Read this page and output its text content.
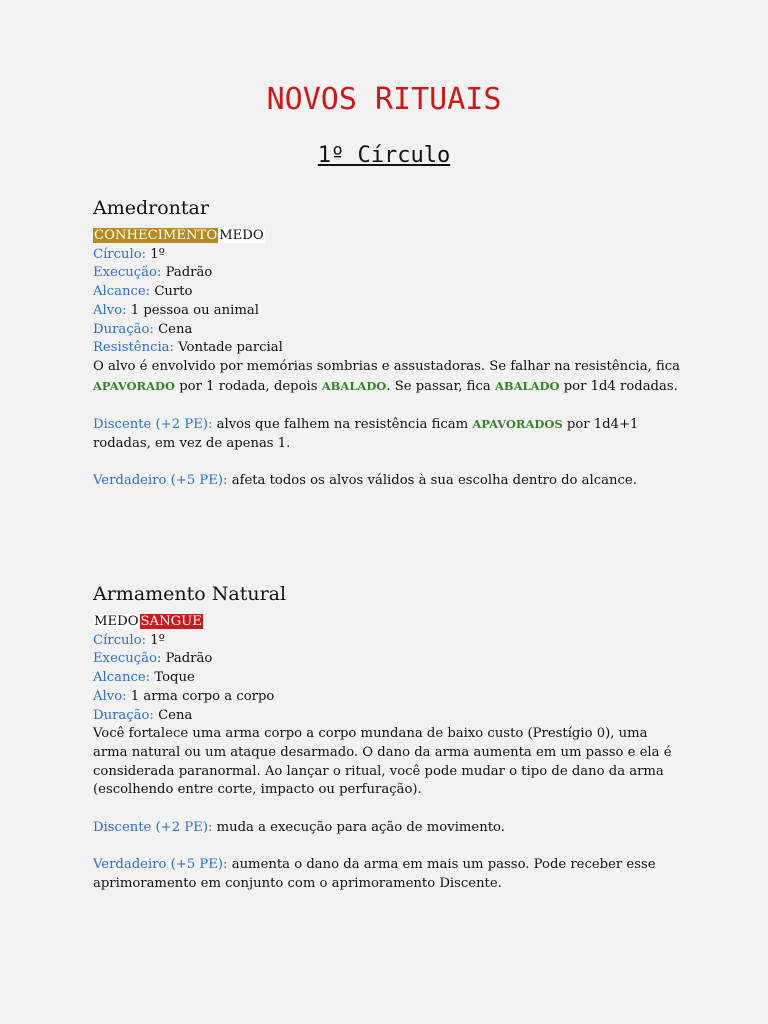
NOVOS RITUAIS
1º Círculo
Amedrontar

CONHECIMENTO MEDO

Círculo: 1º

Execução: Padrão

Alcance: Curto

Alvo: 1 pessoa ou animal

Duração: Cena

Resistência: Vontade parcial

O alvo é envolvido por memórias sombrias e assustadoras. Se falhar na resistência, fica APAVORADO por 1 rodada, depois ABALADO. Se passar, fica ABALADO por 1d4 rodadas.

Discente (+2 PE): alvos que falhem na resistência ficam APAVORADOS por 1d4+1 rodadas, em vez de apenas 1.

Verdadeiro (+5 PE): afeta todos os alvos válidos à sua escolha dentro do alcance.

Armamento Natural

MEDO SANGUE

Círculo: 1º

Execução: Padrão

Alcance: Toque

Alvo: 1 arma corpo a corpo

Duração: Cena

Você fortalece uma arma corpo a corpo mundana de baixo custo (Prestígio 0), uma arma natural ou um ataque desarmado. O dano da arma aumenta em um passo e ela é considerada paranormal. Ao lançar o ritual, você pode mudar o tipo de dano da arma (escolhendo entre corte, impacto ou perfuração).

Discente (+2 PE): muda a execução para ação de movimento.

Verdadeiro (+5 PE): aumenta o dano da arma em mais um passo. Pode receber esse aprimoramento em conjunto com o aprimoramento Discente.
